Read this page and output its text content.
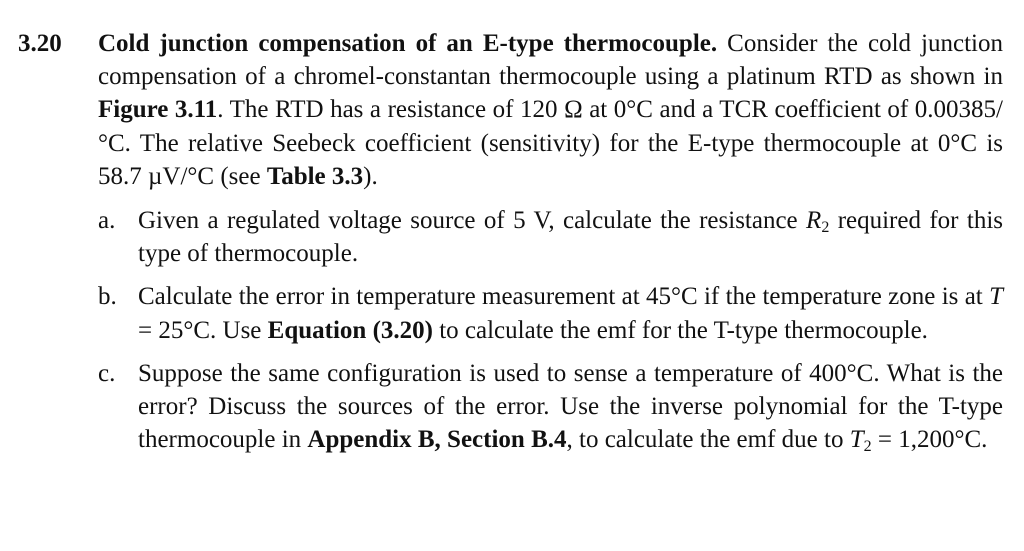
3.20 Cold junction compensation of an E-type thermocouple. Consider the cold junction compensation of a chromel-constantan thermocouple using a platinum RTD as shown in Figure 3.11. The RTD has a resistance of 120 Ω at 0°C and a TCR coefficient of 0.00385/°C. The relative Seebeck coefficient (sensitivity) for the E-type thermocouple at 0°C is 58.7 µV/°C (see Table 3.3).
a. Given a regulated voltage source of 5 V, calculate the resistance $R_2$ required for this type of thermocouple.
b. Calculate the error in temperature measurement at 45°C if the temperature zone is at T = 25°C. Use Equation (3.20) to calculate the emf for the T-type thermocouple.
c. Suppose the same configuration is used to sense a temperature of 400°C. What is the error? Discuss the sources of the error. Use the inverse polynomial for the T-type thermocouple in Appendix B, Section B.4, to calculate the emf due to $T_2 = 1,200^\circ C$.
